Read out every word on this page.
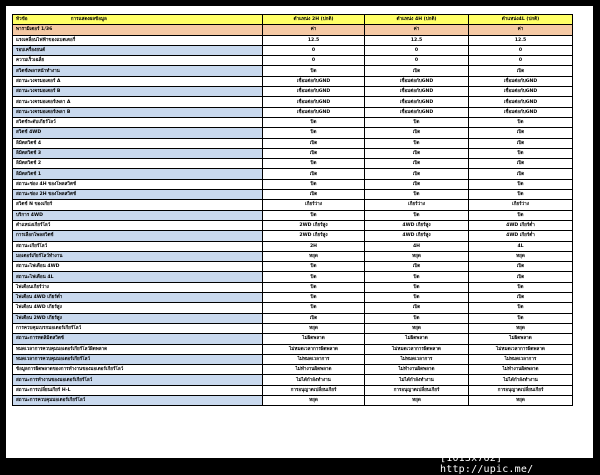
หัวข้อ การแสดงผลข้อมูล	ตำแหน่ง 2H (ปกติ)	ตำแหน่ง 4H (ปกติ)	ตำแหน่ง4L (ปกติ)
พารามิเตอร์ 1/36	ค่า	ค่า	ค่า
แรงเคลื่อนไฟฟ้าของแบตเตอรี่	12.5	12.5	12.5
รอบเครื่องยนต์	0	0	0
ความเร็วเฉลี่ย	0	0	0
สวิตช์เพลาหน้าทำงาน	ปิด	เปิด	เปิด
สถานะวงจรมอเตอร์ A	เชื่อมต่อกับGND	เชื่อมต่อกับGND	เชื่อมต่อกับGND
สถานะวงจรมอเตอร์ B	เชื่อมต่อกับGND	เชื่อมต่อกับGND	เชื่อมต่อกับGND
สถานะวงจรมอเตอร์เพลา A	เชื่อมต่อกับGND	เชื่อมต่อกับGND	เชื่อมต่อกับGND
สถานะวงจรมอเตอร์เพลา B	เชื่อมต่อกับGND	เชื่อมต่อกับGND	เชื่อมต่อกับGND
สวิตช์ระดับเกียร์โลว์	ปิด	ปิด	ปิด
สวิตช์ 4WD	ปิด	เปิด	เปิด
ลิมิตสวิตช์ 4	เปิด	ปิด	เปิด
ลิมิตสวิตช์ 3	เปิด	เปิด	ปิด
ลิมิตสวิตช์ 2	ปิด	เปิด	เปิด
ลิมิตสวิตช์ 1	เปิด	เปิด	เปิด
สถานะช่อง 4H ของโพลสวิตช์	ปิด	เปิด	ปิด
สถานะช่อง 2H ของโพลสวิตช์	เปิด	ปิด	ปิด
สวิตช์ N ของเกียร์	เกียร์ว่าง	เกียร์ว่าง	เกียร์ว่าง
บริการ 4WD	ปิด	ปิด	ปิด
ตำแหน่งเกียร์โลว์	2WD เกียร์สูง	4WD เกียร์สูง	4WD เกียร์ต่ำ
การเลือกโพลสวิตช์	2WD เกียร์สูง	4WD เกียร์สูง	4WD เกียร์ต่ำ
สถานะเกียร์โลว์	2H	4H	4L
มอเตอร์เกียร์โลว์ทำงาน	หยุด	หยุด	หยุด
สถานะไฟเตือน 4WD	ปิด	เปิด	เปิด
สถานะไฟเตือน 4L	ปิด	ปิด	เปิด
ไฟเตือนเกียร์ว่าง	ปิด	ปิด	ปิด
ไฟเตือน 4WD เกียร์ต่ำ	ปิด	ปิด	เปิด
ไฟเตือน 4WD เกียร์สูง	ปิด	เปิด	ปิด
ไฟเตือน 2WD เกียร์สูง	เปิด	ปิด	ปิด
การควบคุมเบรกมอเตอร์เกียร์โลว์	หยุด	หยุด	หยุด
สถานะการทดลิมิตสวิตช์	ไม่ผิดพลาด	ไม่ผิดพลาด	ไม่ผิดพลาด
หมดเวลาการควบคุมมอเตอร์เกียร์โลว์ผิดพลาด	ไม่หมดเวลาการผิดพลาด	ไม่หมดเวลาการผิดพลาด	ไม่หมดเวลาการผิดพลาด
หมดเวลาการควบคุมมอเตอร์เกียร์โลว์	ไม่หมดเวลาการ	ไม่หมดเวลาการ	ไม่หมดเวลาการ
ข้อมูลการผิดพลาดของการทำงานของมอเตอร์เกียร์โลว์	ไม่ทำงานผิดพลาด	ไม่ทำงานผิดพลาด	ไม่ทำงานผิดพลาด
สถานะการทำงานของมอเตอร์เกียร์โลว์	ไม่ได้กำลังทำงาน	ไม่ได้กำลังทำงาน	ไม่ได้กำลังทำงาน
สถานะการเปลี่ยนเกียร์ H-L	การอนุญาตเปลี่ยนเกียร์	การอนุญาตเปลี่ยนเกียร์	การอนุญาตเปลี่ยนเกียร์
สถานะการควบคุมมอเตอร์เกียร์โลว์	หยุด	หยุด	หยุด
[1013x762] http://upic.me/
